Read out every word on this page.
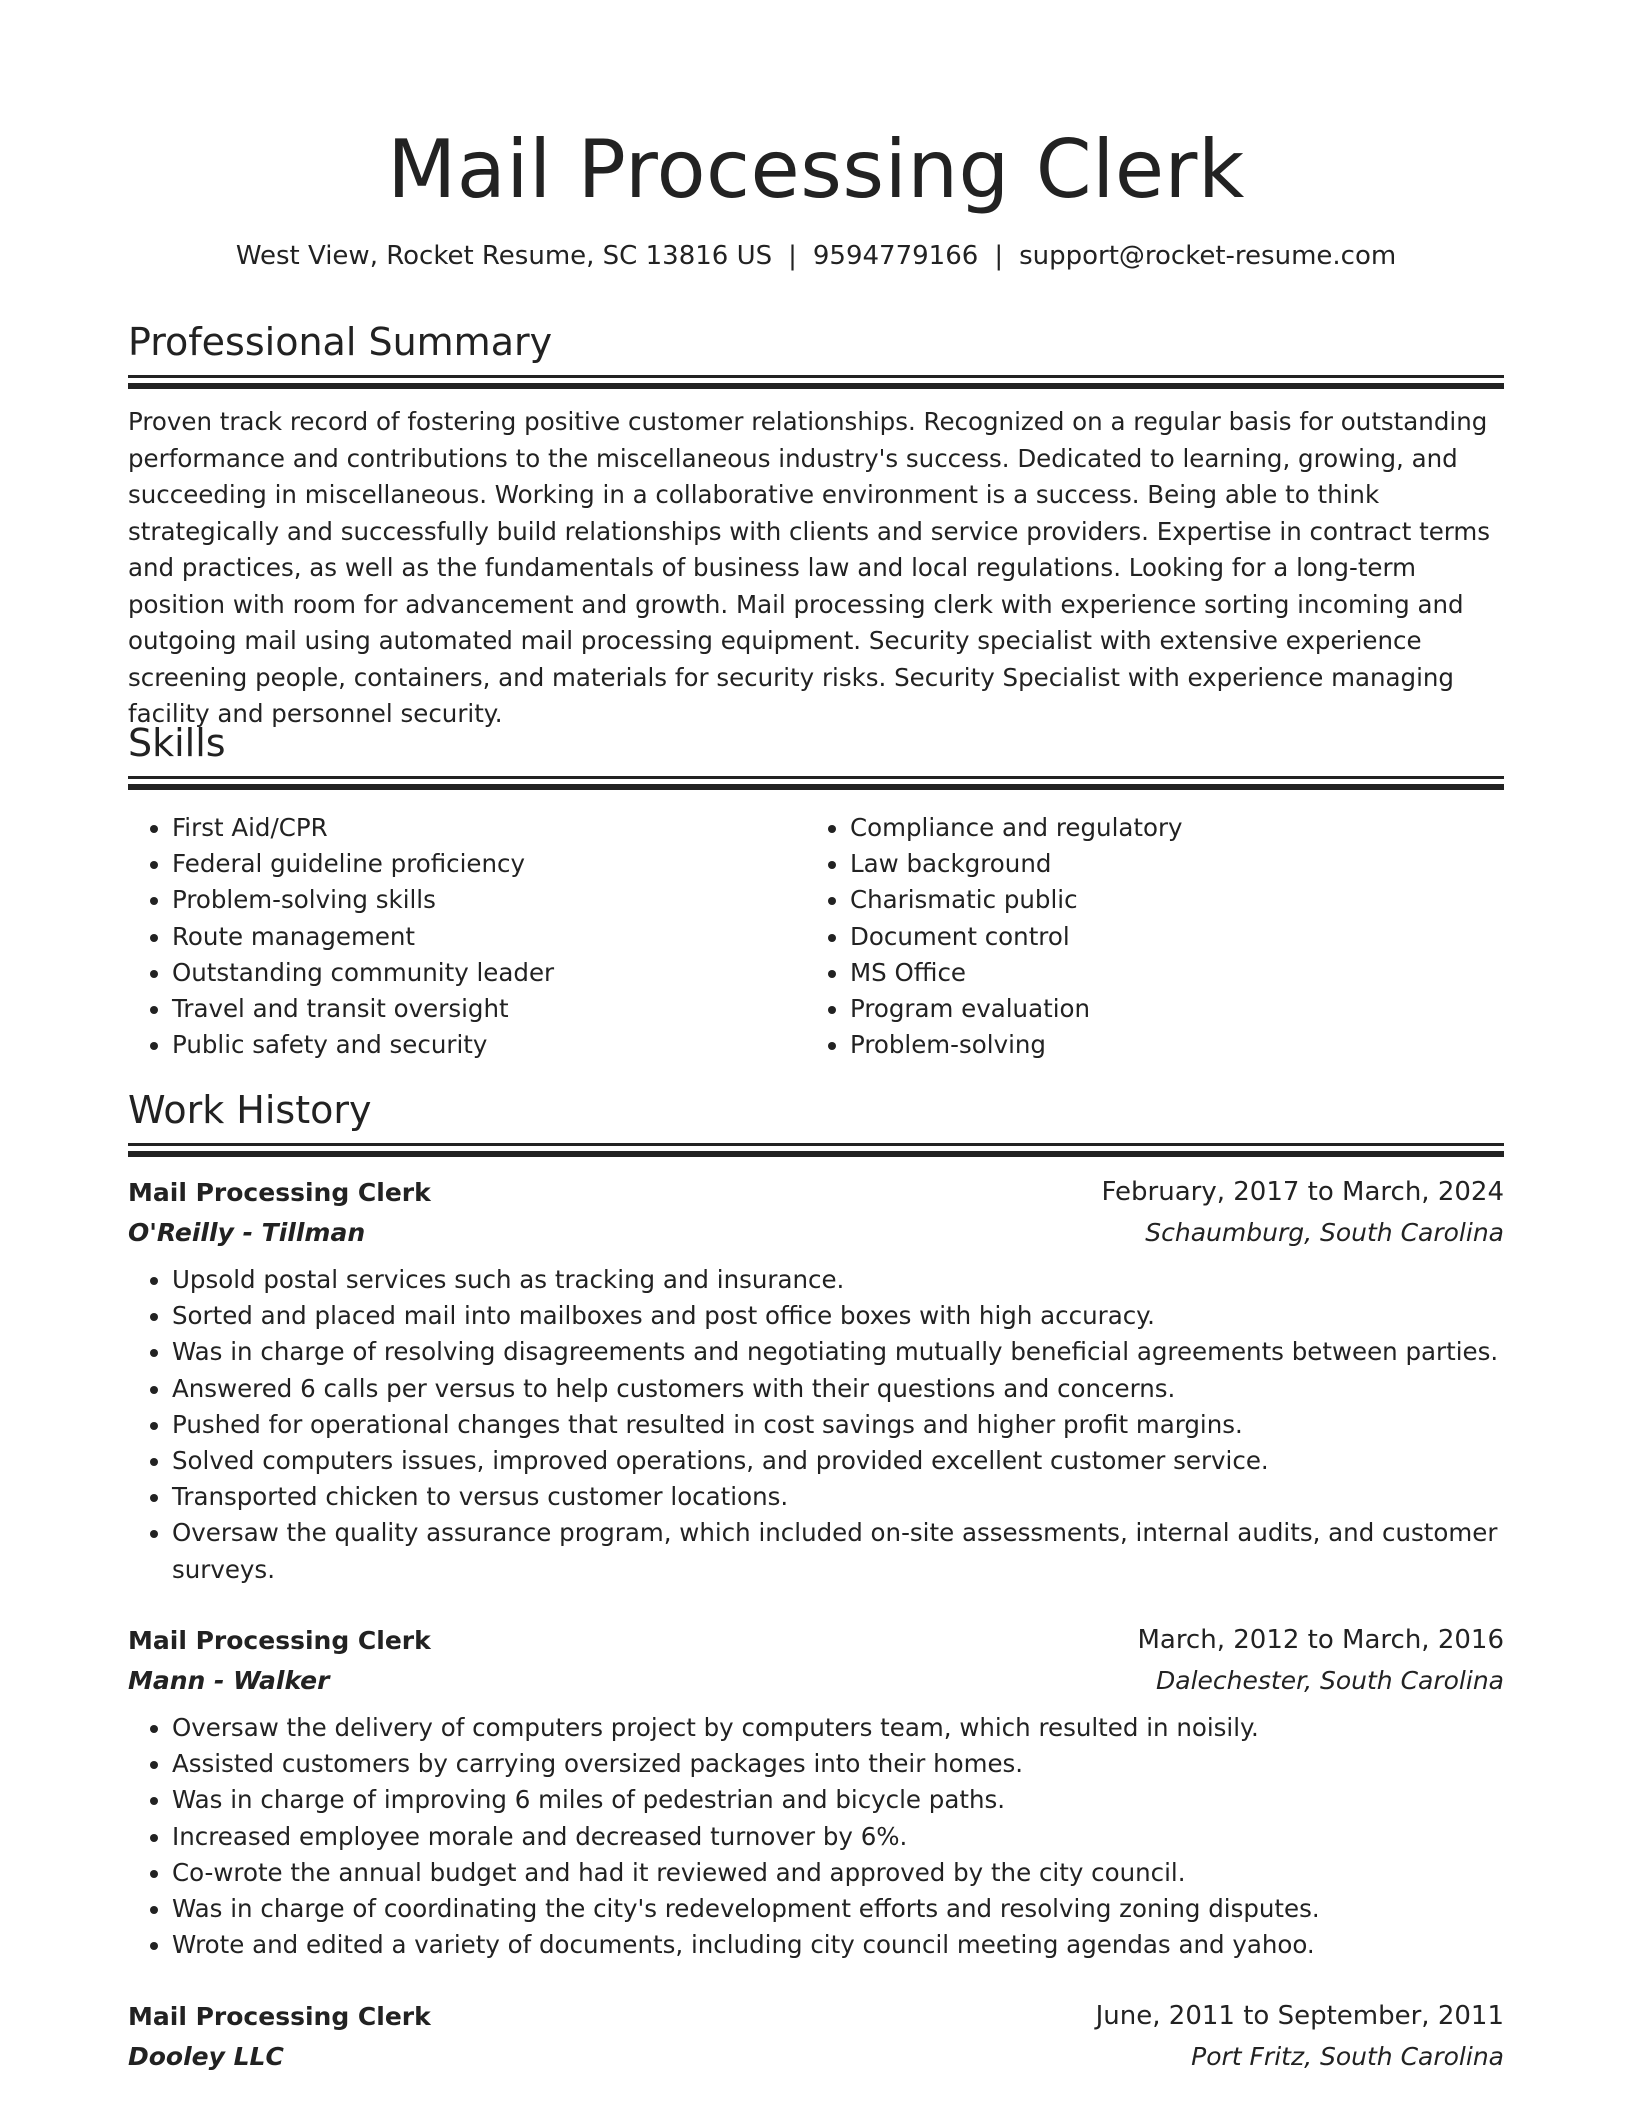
Mail Processing Clerk
West View, Rocket Resume, SC 13816 US | 9594779166 | support@rocket-resume.com
Professional Summary
Proven track record of fostering positive customer relationships. Recognized on a regular basis for outstanding performance and contributions to the miscellaneous industry's success. Dedicated to learning, growing, and succeeding in miscellaneous. Working in a collaborative environment is a success. Being able to think strategically and successfully build relationships with clients and service providers. Expertise in contract terms and practices, as well as the fundamentals of business law and local regulations. Looking for a long-term position with room for advancement and growth. Mail processing clerk with experience sorting incoming and outgoing mail using automated mail processing equipment. Security specialist with extensive experience screening people, containers, and materials for security risks. Security Specialist with experience managing facility and personnel security.
Skills
• First Aid/CPR
• Federal guideline proficiency
• Problem-solving skills
• Route management
• Outstanding community leader
• Travel and transit oversight
• Public safety and security
• Compliance and regulatory
• Law background
• Charismatic public
• Document control
• MS Office
• Program evaluation
• Problem-solving
Work History
Mail Processing Clerk	February, 2017 to March, 2024
O'Reilly - Tillman	Schaumburg, South Carolina
• Upsold postal services such as tracking and insurance.
• Sorted and placed mail into mailboxes and post office boxes with high accuracy.
• Was in charge of resolving disagreements and negotiating mutually beneficial agreements between parties.
• Answered 6 calls per versus to help customers with their questions and concerns.
• Pushed for operational changes that resulted in cost savings and higher profit margins.
• Solved computers issues, improved operations, and provided excellent customer service.
• Transported chicken to versus customer locations.
• Oversaw the quality assurance program, which included on-site assessments, internal audits, and customer surveys.
Mail Processing Clerk	March, 2012 to March, 2016
Mann - Walker	Dalechester, South Carolina
• Oversaw the delivery of computers project by computers team, which resulted in noisily.
• Assisted customers by carrying oversized packages into their homes.
• Was in charge of improving 6 miles of pedestrian and bicycle paths.
• Increased employee morale and decreased turnover by 6%.
• Co-wrote the annual budget and had it reviewed and approved by the city council.
• Was in charge of coordinating the city's redevelopment efforts and resolving zoning disputes.
• Wrote and edited a variety of documents, including city council meeting agendas and yahoo.
Mail Processing Clerk	June, 2011 to September, 2011
Dooley LLC	Port Fritz, South Carolina
